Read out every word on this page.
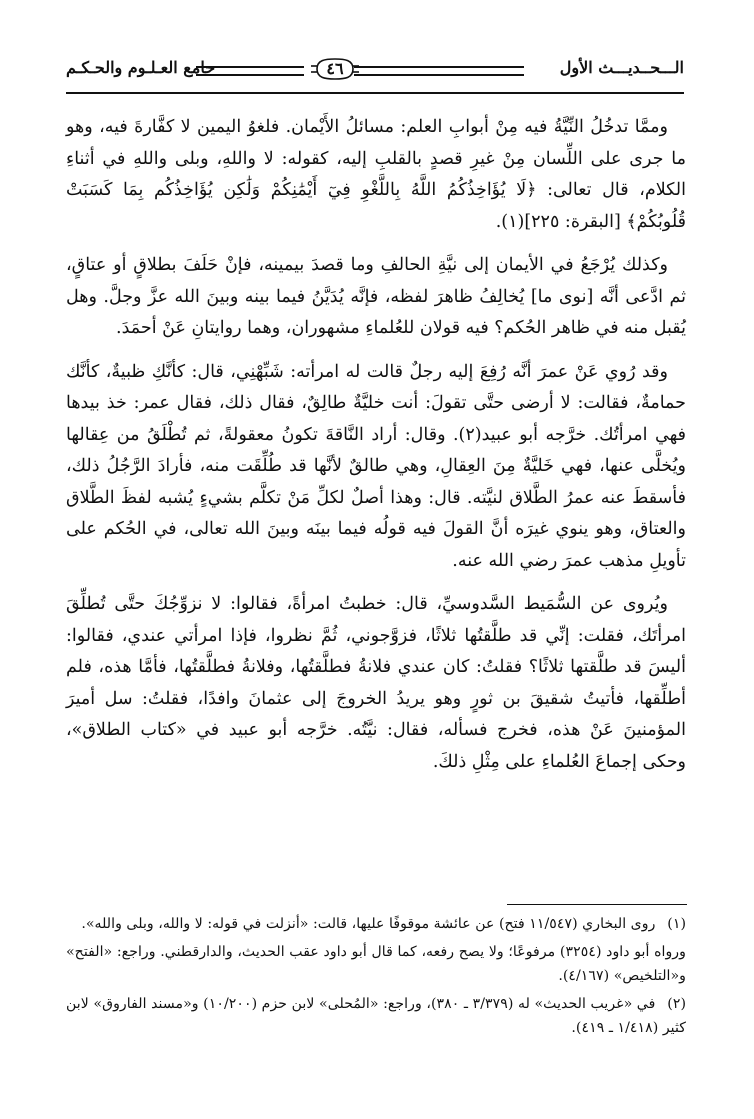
الـــحــديـــث الأول
٤٦
جامع العـلـوم والحـكـم

وممَّا تدخُلُ النِّيَّةُ فيه مِنْ أبوابِ العلم: مسائلُ الأَيْمان. فلغوُ اليمين لا كفَّارةَ فيه، وهو ما جرى على اللِّسان مِنْ غيرِ قصدٍ بالقلبِ إليه، كقوله: لا واللهِ، وبلى واللهِ في أثناءِ الكلام، قال تعالى: ﴿لَا يُؤَاخِذُكُمُ اللَّهُ بِاللَّغْوِ فِيٓ أَيْمَٰنِكُمْ وَلَٰكِن يُؤَاخِذُكُم بِمَا كَسَبَتْ قُلُوبُكُمْ﴾ [البقرة: ٢٢٥](١).

وكذلك يُرْجَعُ في الأيمان إلى نيَّةِ الحالفِ وما قصدَ بيمينه، فإنْ حَلَفَ بطلاقٍ أو عتاقٍ، ثم ادَّعى أنَّه [نوى ما] يُخالِفُ ظاهرَ لفظه، فإنَّه يُدَيَّنُ فيما بينه وبينَ الله عزَّ وجلَّ. وهل يُقبل منه في ظاهر الحُكم؟ فيه قولان للعُلماءِ مشهوران، وهما روايتانِ عَنْ أحمَدَ.

وقد رُوي عَنْ عمرَ أنَّه رُفِعَ إليه رجلٌ قالت له امرأته: شَبِّهْنِي، قال: كأنَّكِ ظبيةٌ، كأنَّك حمامةٌ، فقالت: لا أرضى حتَّى تقولَ: أنت خليَّةٌ طالِقٌ، فقال ذلك، فقال عمر: خذ بيدها فهي امرأتُك. خرَّجه أبو عبيد(٢). وقال: أراد النَّاقةَ تكونُ معقولةً، ثم تُطْلَقُ من عِقالها ويُخلَّى عنها، فهي خَليَّةٌ مِنَ العِقالِ، وهي طالقٌ لأنَّها قد طُلِّقَت منه، فأرادَ الرَّجُلُ ذلك، فأسقطَ عنه عمرُ الطَّلاق لنيَّته. قال: وهذا أصلٌ لكلِّ مَنْ تكلَّم بشيءٍ يُشبه لفظَ الطَّلاق والعتاق، وهو ينوي غيرَه أنَّ القولَ فيه قولُه فيما بينَه وبينَ الله تعالى، في الحُكم على تأويلِ مذهب عمرَ رضي الله عنه.

ويُروى عن السُّمَيط السَّدوسيِّ، قال: خطبتُ امرأةً، فقالوا: لا نزوِّجُكَ حتَّى تُطلِّقَ امرأتَك، فقلت: إنِّي قد طلَّقتُها ثلاثًا، فزوَّجوني، ثُمَّ نظروا، فإذا امرأتي عندي، فقالوا: أليسَ قد طلَّقتها ثلاثًا؟ فقلتُ: كان عندي فلانةُ فطلَّقتُها، وفلانةُ فطلَّقتُها، فأمَّا هذه، فلم أطلِّقها، فأتيتُ شقيقَ بن ثورٍ وهو يريدُ الخروجَ إلى عثمانَ وافدًا، فقلتُ: سل أميرَ المؤمنينَ عَنْ هذه، فخرج فسأله، فقال: نيَّتُه. خرَّجه أبو عبيد في «كتاب الطلاق»، وحكى إجماعَ العُلماءِ على مِثْلِ ذلكَ.

(١) روى البخاري (١١/٥٤٧ فتح) عن عائشة موقوفًا عليها، قالت: «أنزلت في قوله: لا والله، وبلى والله».

ورواه أبو داود (٣٢٥٤) مرفوعًا؛ ولا يصح رفعه، كما قال أبو داود عقب الحديث، والدارقطني. وراجع: «الفتح» و«التلخيص» (٤/١٦٧).

(٢) في «غريب الحديث» له (٣/٣٧٩ ـ ٣٨٠)، وراجع: «المُحلى» لابن حزم (١٠/٢٠٠) و«مسند الفاروق» لابن كثير (١/٤١٨ ـ ٤١٩).
